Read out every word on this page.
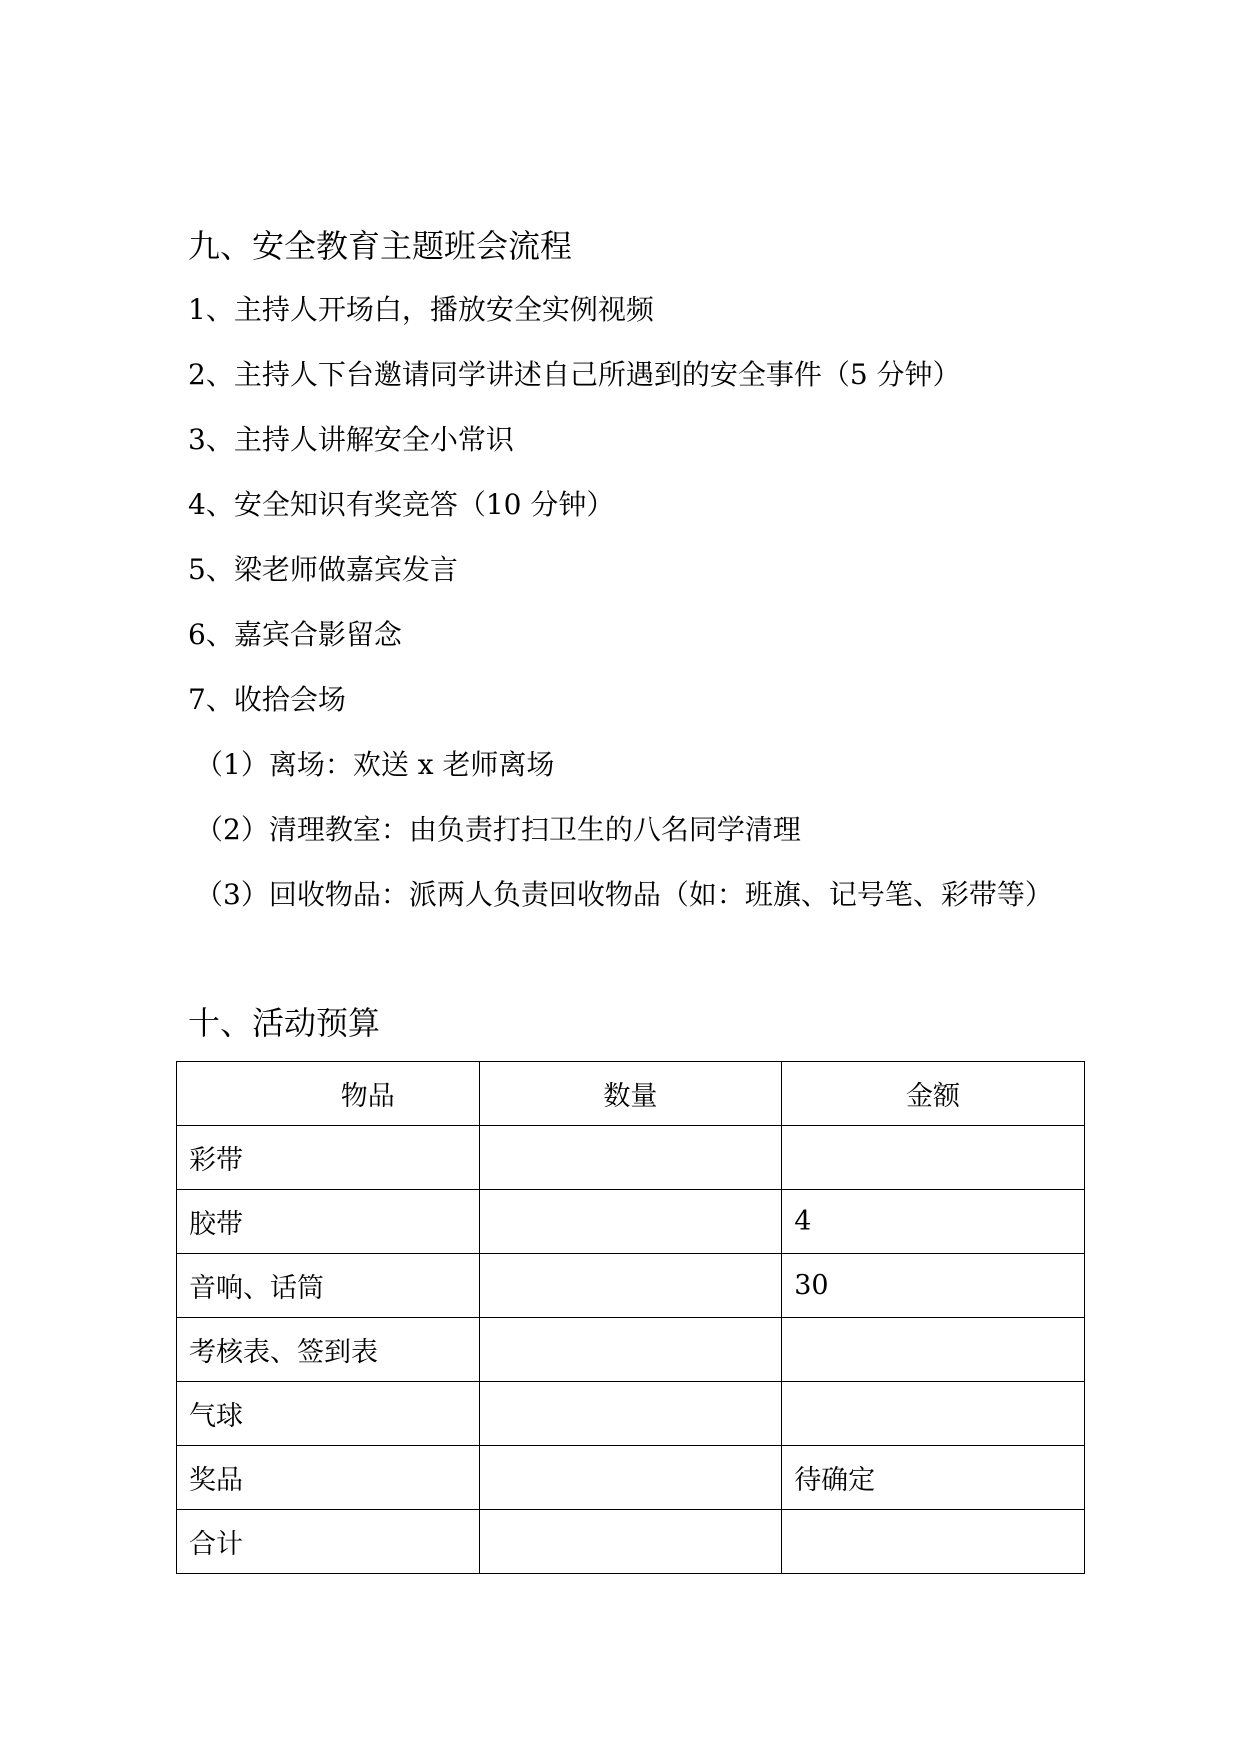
九、安全教育主题班会流程
1、主持人开场白，播放安全实例视频
2、主持人下台邀请同学讲述自己所遇到的安全事件（5 分钟）
3、主持人讲解安全小常识
4、安全知识有奖竞答（10 分钟）
5、梁老师做嘉宾发言
6、嘉宾合影留念
7、收拾会场
（1）离场：欢送 x 老师离场
（2）清理教室：由负责打扫卫生的八名同学清理
（3）回收物品：派两人负责回收物品（如：班旗、记号笔、彩带等）
十、活动预算
物品	数量	金额
彩带		
胶带		4
音响、话筒		30
考核表、签到表		
气球		
奖品		待确定
合计		
